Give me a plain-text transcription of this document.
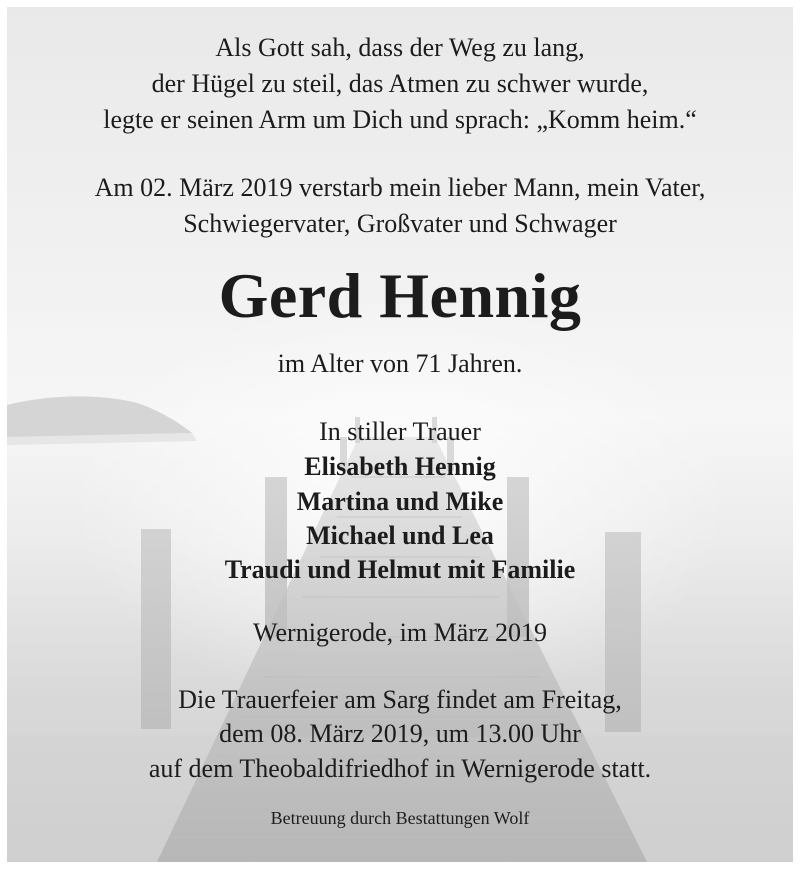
Als Gott sah, dass der Weg zu lang,
der Hügel zu steil, das Atmen zu schwer wurde,
legte er seinen Arm um Dich und sprach: „Komm heim.“
Am 02. März 2019 verstarb mein lieber Mann, mein Vater,
Schwiegervater, Großvater und Schwager
Gerd Hennig
im Alter von 71 Jahren.
In stiller Trauer
Elisabeth Hennig
Martina und Mike
Michael und Lea
Traudi und Helmut mit Familie
Wernigerode, im März 2019
Die Trauerfeier am Sarg findet am Freitag,
dem 08. März 2019, um 13.00 Uhr
auf dem Theobaldifriedhof in Wernigerode statt.
Betreuung durch Bestattungen Wolf
